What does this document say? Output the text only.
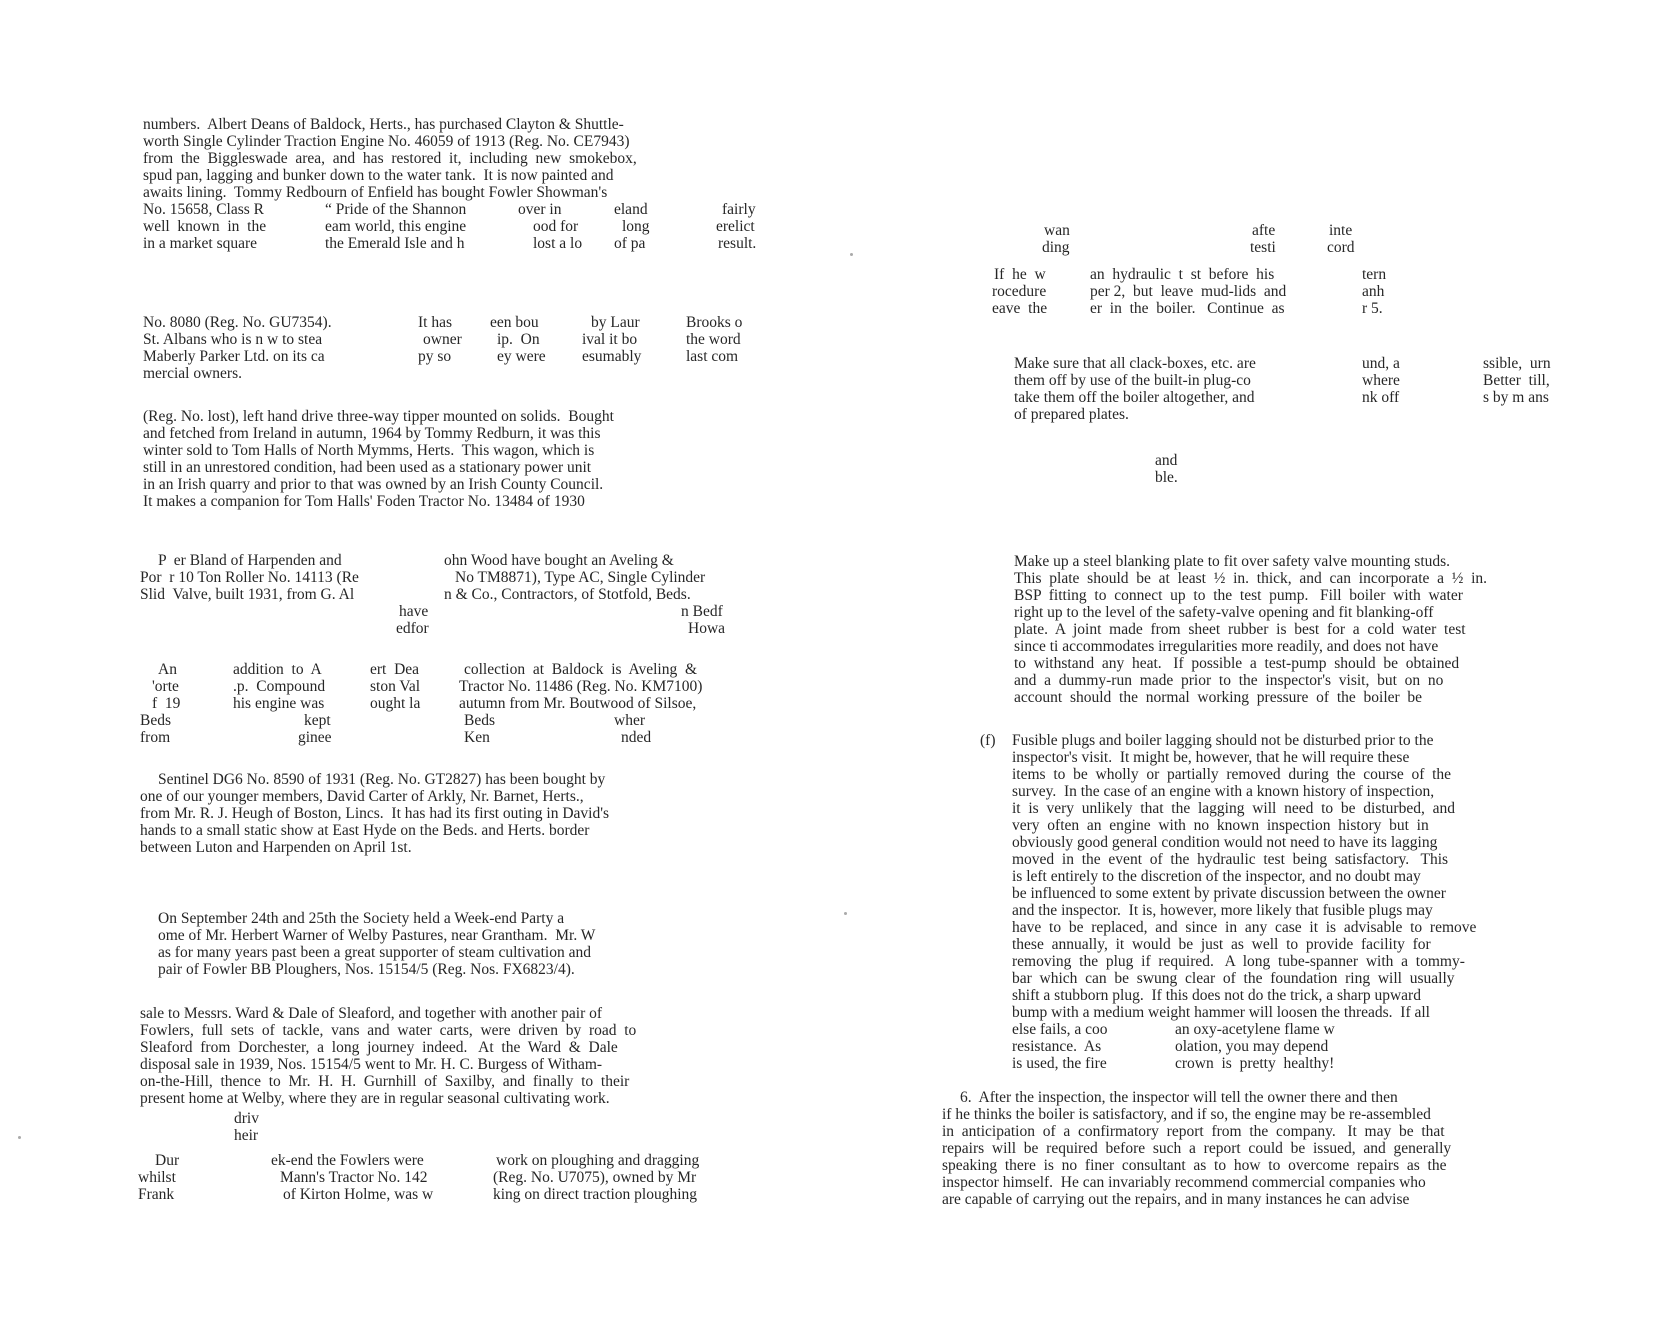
numbers.  Albert Deans of Baldock, Herts., has purchased Clayton & Shuttle-

worth Single Cylinder Traction Engine No. 46059 of 1913 (Reg. No. CE7943)

from  the  Biggleswade  area,  and  has  restored  it,  including  new  smokebox,

spud pan, lagging and bunker down to the water tank.  It is now painted and

awaits lining.  Tommy Redbourn of Enfield has bought Fowler Showman's

No. 15658, Class R	“ Pride of the Shannon	over in	eland	fairly
well  known  in  the	eam world, this engine	ood for	long	erelict
in a market square	the Emerald Isle and h	lost a lo of pa	result.
No. 8080 (Reg. No. GU7354).	It has een bou	by Laur	Brooks o
St. Albans who is n w to stea	owner ip.  On	ival it bo	the word
Maberly Parker Ltd. on its ca	py so	ey were esumably	last com
mercial owners.

(Reg. No. lost), left hand drive three-way tipper mounted on solids.  Bought

and fetched from Ireland in autumn, 1964 by Tommy Redburn, it was this

winter sold to Tom Halls of North Mymms, Herts.  This wagon, which is

still in an unrestored condition, had been used as a stationary power unit

in an Irish quarry and prior to that was owned by an Irish County Council.

It makes a companion for Tom Halls' Foden Tractor No. 13484 of 1930

P  er Bland of Harpenden and	ohn Wood have bought an Aveling &
Por  r 10 Ton Roller No. 14113 (Re	No TM8871), Type AC, Single Cylinder
Slid  Valve, built 1931, from G. Al	n & Co., Contractors, of Stotfold, Beds.
have	n Bedf
edfor	Howa
An	addition  to  A	ert  Dea	collection  at  Baldock  is  Aveling  &
'orte	.p.  Compound	ston Val	Tractor No. 11486 (Reg. No. KM7100)
f  19	his engine was	ought la autumn from Mr. Boutwood of Silsoe,
Beds	kept	Beds	wher
from	ginee	Ken	nded

Sentinel DG6 No. 8590 of 1931 (Reg. No. GT2827) has been bought by

one of our younger members, David Carter of Arkly, Nr. Barnet, Herts.,

from Mr. R. J. Heugh of Boston, Lincs.  It has had its first outing in David's

hands to a small static show at East Hyde on the Beds. and Herts. border

between Luton and Harpenden on April 1st.

On September 24th and 25th the Society held a Week-end Party a

ome of Mr. Herbert Warner of Welby Pastures, near Grantham.  Mr. W

as for many years past been a great supporter of steam cultivation and

pair of Fowler BB Ploughers, Nos. 15154/5 (Reg. Nos. FX6823/4).

sale to Messrs. Ward & Dale of Sleaford, and together with another pair of

Fowlers,  full  sets  of  tackle,  vans  and  water  carts,  were  driven  by  road  to

Sleaford  from  Dorchester,  a  long  journey  indeed.   At  the  Ward  &  Dale

disposal sale in 1939, Nos. 15154/5 went to Mr. H. C. Burgess of Witham-

on-the-Hill,  thence  to  Mr.  H.  H.  Gurnhill  of  Saxilby,  and  finally  to  their

present home at Welby, where they are in regular seasonal cultivating work.

driv
heir
Dur	ek-end the Fowlers were	work on ploughing and dragging
whilst	Mann's Tractor No. 142	(Reg. No. U7075), owned by Mr
Frank	of Kirton Holme, was w	king on direct traction ploughing
wan	afte	inte
ding	testi	cord
If  he  w	an  hydraulic  t  st  before  his	tern
rocedure	per 2,  but  leave  mud-lids  and	anh
eave  the	er  in  the  boiler.   Continue  as	r 5.
Make sure that all clack-boxes, etc. are	und, a	ssible,  urn
them off by use of the built-in plug-co	where	Better  till,
take them off the boiler altogether, and	nk off	s by m ans
of prepared plates.
and
ble.

Make up a steel blanking plate to fit over safety valve mounting studs.

This  plate  should  be  at  least  ½  in.  thick,  and  can  incorporate  a  ½  in.

BSP  fitting  to  connect  up  to  the  test  pump.   Fill  boiler  with  water

right up to the level of the safety-valve opening and fit blanking-off

plate.  A  joint  made  from  sheet  rubber  is  best  for  a  cold  water  test

since ti accommodates irregularities more readily, and does not have

to  withstand  any  heat.   If  possible  a  test-pump  should  be  obtained

and  a  dummy-run  made  prior  to  the  inspector's  visit,  but  on  no

account  should  the  normal  working  pressure  of  the  boiler  be

(f) Fusible plugs and boiler lagging should not be disturbed prior to the

inspector's visit.  It might be, however, that he will require these

items  to  be  wholly  or  partially  removed  during  the  course  of  the

survey.  In the case of an engine with a known history of inspection,

it  is  very  unlikely  that  the  lagging  will  need  to  be  disturbed,  and

very  often  an  engine  with  no  known  inspection  history  but  in

obviously good general condition would not need to have its lagging

moved  in  the  event  of  the  hydraulic  test  being  satisfactory.   This

is left entirely to the discretion of the inspector, and no doubt may

be influenced to some extent by private discussion between the owner

and the inspector.  It is, however, more likely that fusible plugs may

have  to  be  replaced,  and  since  in  any  case  it  is  advisable  to  remove

these  annually,  it  would  be  just  as  well  to  provide  facility  for

removing  the  plug  if  required.   A  long  tube-spanner  with  a  tommy-

bar  which  can  be  swung  clear  of  the  foundation  ring  will  usually

shift a stubborn plug.  If this does not do the trick, a sharp upward

bump with a medium weight hammer will loosen the threads.  If all

else fails, a coo	an oxy-acetylene flame w
resistance.  As	olation, you may depend
is used, the fire	crown  is  pretty  healthy!

6.  After the inspection, the inspector will tell the owner there and then

if he thinks the boiler is satisfactory, and if so, the engine may be re-assembled

in  anticipation  of  a  confirmatory  report  from  the  company.   It  may  be  that

repairs  will  be  required  before  such  a  report  could  be  issued,  and  generally

speaking  there  is  no  finer  consultant  as  to  how  to  overcome  repairs  as  the

inspector himself.  He can invariably recommend commercial companies who

are capable of carrying out the repairs, and in many instances he can advise
